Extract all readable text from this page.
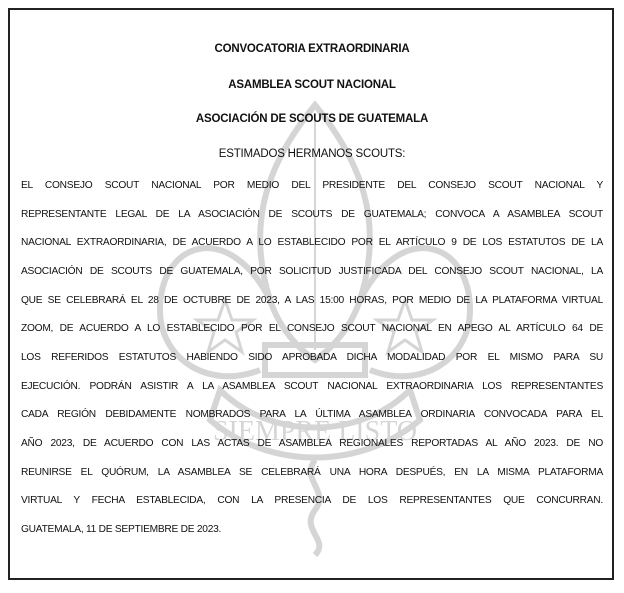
SIEMPRE LISTO
CONVOCATORIA EXTRAORDINARIA
ASAMBLEA SCOUT NACIONAL
ASOCIACIÓN DE SCOUTS DE GUATEMALA
ESTIMADOS HERMANOS SCOUTS:
EL CONSEJO SCOUT NACIONAL POR MEDIO DEL PRESIDENTE DEL CONSEJO SCOUT NACIONAL Y
REPRESENTANTE LEGAL DE LA ASOCIACIÓN DE SCOUTS DE GUATEMALA; CONVOCA A ASAMBLEA SCOUT
NACIONAL EXTRAORDINARIA, DE ACUERDO A LO ESTABLECIDO POR EL ARTÍCULO 9 DE LOS ESTATUTOS DE LA
ASOCIACIÓN DE SCOUTS DE GUATEMALA, POR SOLICITUD JUSTIFICADA DEL CONSEJO SCOUT NACIONAL, LA
QUE SE CELEBRARÁ EL 28 DE OCTUBRE DE 2023, A LAS 15:00 HORAS, POR MEDIO DE LA PLATAFORMA VIRTUAL
ZOOM, DE ACUERDO A LO ESTABLECIDO POR EL CONSEJO SCOUT NACIONAL EN APEGO AL ARTÍCULO 64 DE
LOS REFERIDOS ESTATUTOS HABIENDO SIDO APROBADA DICHA MODALIDAD POR EL MISMO PARA SU
EJECUCIÓN. PODRÁN ASISTIR A LA ASAMBLEA SCOUT NACIONAL EXTRAORDINARIA LOS REPRESENTANTES
CADA REGIÓN DEBIDAMENTE NOMBRADOS PARA LA ÚLTIMA ASAMBLEA ORDINARIA CONVOCADA PARA EL
AÑO 2023, DE ACUERDO CON LAS ACTAS DE ASAMBLEA REGIONALES REPORTADAS AL AÑO 2023. DE NO
REUNIRSE EL QUÓRUM, LA ASAMBLEA SE CELEBRARÁ UNA HORA DESPUÉS, EN LA MISMA PLATAFORMA
VIRTUAL Y FECHA ESTABLECIDA, CON LA PRESENCIA DE LOS REPRESENTANTES QUE CONCURRAN.
GUATEMALA, 11 DE SEPTIEMBRE DE 2023.
